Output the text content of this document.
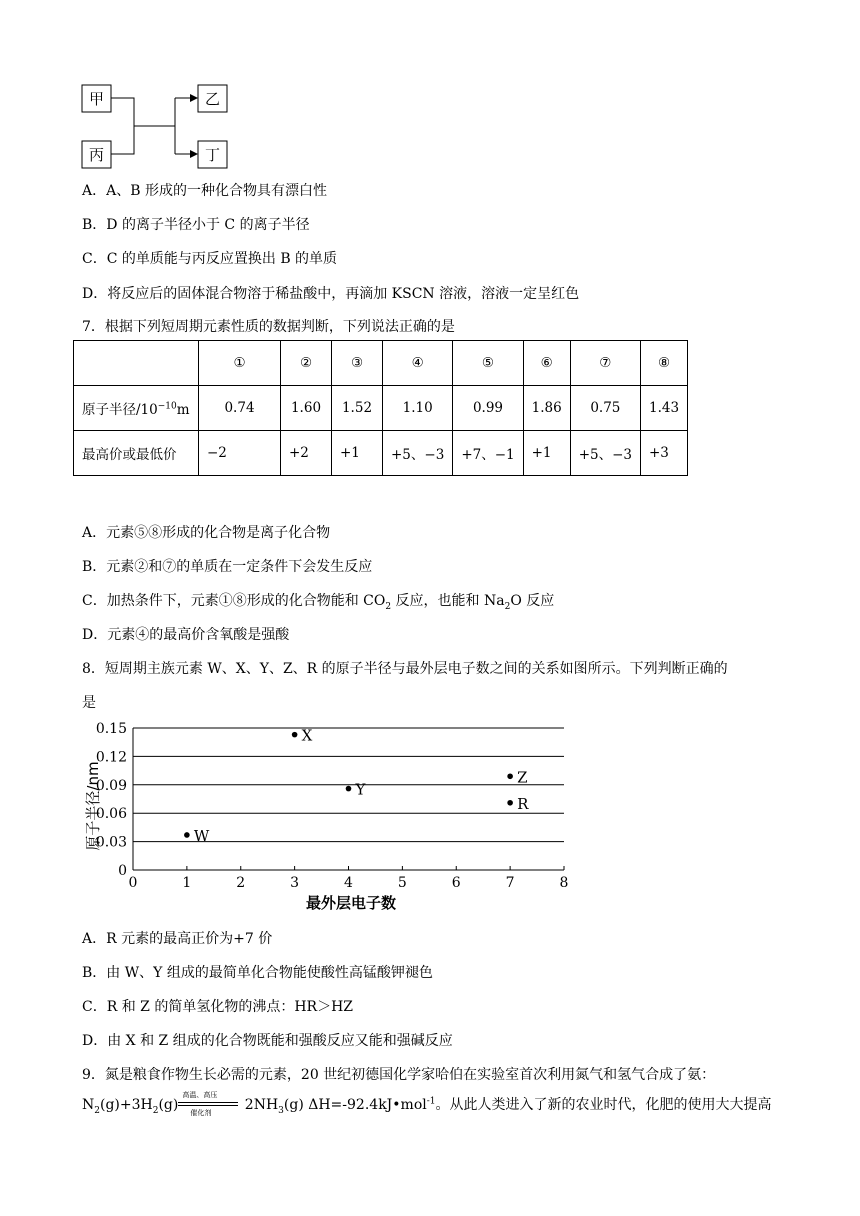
甲
丙
乙
丁
A．A、B 形成的一种化合物具有漂白性
B．D 的离子半径小于 C 的离子半径
C．C 的单质能与丙反应置换出 B 的单质
D．将反应后的固体混合物溶于稀盐酸中，再滴加 KSCN 溶液，溶液一定呈红色
7．根据下列短周期元素性质的数据判断，下列说法正确的是
	①	②	③	④	⑤	⑥	⑦	⑧
原子半径$/10^{-10}m$	0.74	1.60	1.52	1.10	0.99	1.86	0.75	1.43
最高价或最低价	−2	+2	+1	+5、−3	+7、−1	+1	+5、−3	+3
A．元素⑤⑧形成的化合物是离子化合物
B．元素②和⑦的单质在一定条件下会发生反应
C．加热条件下，元素①⑧形成的化合物能和 $CO_2$ 反应，也能和 $Na_2O$ 反应
D．元素④的最高价含氧酸是强酸
8．短周期主族元素 W、X、Y、Z、R 的原子半径与最外层电子数之间的关系如图所示。下列判断正确的
是
0
0.03
0.06
0.09
0.12
0.15
0	1	2	3	4	5	6	7	8
W
X
Y
Z
R
原子半径/nm
最外层电子数
A．R 元素的最高正价为+7 价
B．由 W、Y 组成的最简单化合物能使酸性高锰酸钾褪色
C．R 和 Z 的简单氢化物的沸点：HR＞HZ
D．由 X 和 Z 组成的化合物既能和强酸反应又能和强碱反应
9．氮是粮食作物生长必需的元素，20 世纪初德国化学家哈伯在实验室首次利用氮气和氢气合成了氨：
$N_2(g)+3H_2(g)$
高温、高压
催化剂 $2NH_3(g)$ ΔH=-92.4kJ•mol$^{-1}$。从此人类进入了新的农业时代，化肥的使用大大提高
